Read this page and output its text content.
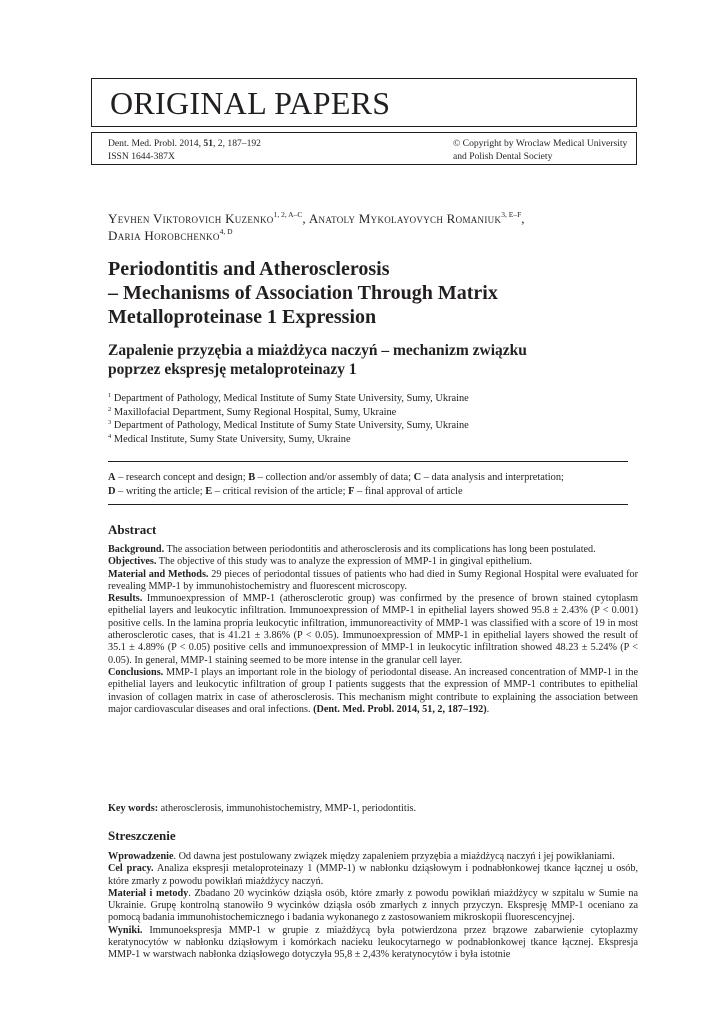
ORIGINAL PAPERS
Dent. Med. Probl. 2014, 51, 2, 187–192
ISSN 1644-387X
© Copyright by Wroclaw Medical University
and Polish Dental Society
Yevhen Viktorovich Kuzenko$^{1, 2, A-C}$, Anatoly Mykolayovych Romaniuk$^{3, E-F}$,
Daria Horobchenko$^{4, D}$
Periodontitis and Atherosclerosis
– Mechanisms of Association Through Matrix
Metalloproteinase 1 Expression
Zapalenie przyzębia a miażdżyca naczyń – mechanizm związku
poprzez ekspresję metaloproteinazy 1
$^1$ Department of Pathology, Medical Institute of Sumy State University, Sumy, Ukraine
$^2$ Maxillofacial Department, Sumy Regional Hospital, Sumy, Ukraine
$^3$ Department of Pathology, Medical Institute of Sumy State University, Sumy, Ukraine
$^4$ Medical Institute, Sumy State University, Sumy, Ukraine
A – research concept and design; B – collection and/or assembly of data; C – data analysis and interpretation;
D – writing the article; E – critical revision of the article; F – final approval of article
Abstract

Background. The association between periodontitis and atherosclerosis and its complications has long been postulated.

Objectives. The objective of this study was to analyze the expression of MMP-1 in gingival epithelium.

Material and Methods. 29 pieces of periodontal tissues of patients who had died in Sumy Regional Hospital were evaluated for revealing MMP-1 by immunohistochemistry and fluorescent microscopy.

Results. Immunoexpression of MMP-1 (atherosclerotic group) was confirmed by the presence of brown stained cytoplasm epithelial layers and leukocytic infiltration. Immunoexpression of MMP-1 in epithelial layers showed 95.8 ± 2.43% (P < 0.001) positive cells. In the lamina propria leukocytic infiltration, immunoreactivity of MMP-1 was classified with a score of 19 in most atherosclerotic cases, that is 41.21 ± 3.86% (P < 0.05). Immunoexpression of MMP-1 in epithelial layers showed the result of 35.1 ± 4.89% (P < 0.05) positive cells and immunoexpression of MMP-1 in leukocytic infiltration showed 48.23 ± 5.24% (P < 0.05). In general, MMP-1 staining seemed to be more intense in the granular cell layer.

Conclusions. MMP-1 plays an important role in the biology of periodontal disease. An increased concentration of MMP-1 in the epithelial layers and leukocytic infiltration of group I patients suggests that the expression of MMP-1 contributes to epithelial invasion of collagen matrix in case of atherosclerosis. This mechanism might contribute to explaining the association between major cardiovascular diseases and oral infections. (Dent. Med. Probl. 2014, 51, 2, 187–192).

Key words: atherosclerosis, immunohistochemistry, MMP-1, periodontitis.
Streszczenie

Wprowadzenie. Od dawna jest postulowany związek między zapaleniem przyzębia a miażdżycą naczyń i jej powikłaniami.

Cel pracy. Analiza ekspresji metaloproteinazy 1 (MMP-1) w nabłonku dziąsłowym i podnabłonkowej tkance łącznej u osób, które zmarły z powodu powikłań miażdżycy naczyń.

Materiał i metody. Zbadano 20 wycinków dziąsła osób, które zmarły z powodu powikłań miażdżycy w szpitalu w Sumie na Ukrainie. Grupę kontrolną stanowiło 9 wycinków dziąsła osób zmarłych z innych przyczyn. Ekspresję MMP-1 oceniano za pomocą badania immunohistochemicznego i badania wykonanego z zastosowaniem mikroskopii fluorescencyjnej.

Wyniki. Immunoekspresja MMP-1 w grupie z miażdżycą była potwierdzona przez brązowe zabarwienie cytoplazmy keratynocytów w nabłonku dziąsłowym i komórkach nacieku leukocytarnego w podnabłonkowej tkance łącznej. Ekspresja MMP-1 w warstwach nabłonka dziąsłowego dotyczyła 95,8 ± 2,43% keratynocytów i była istotnie
